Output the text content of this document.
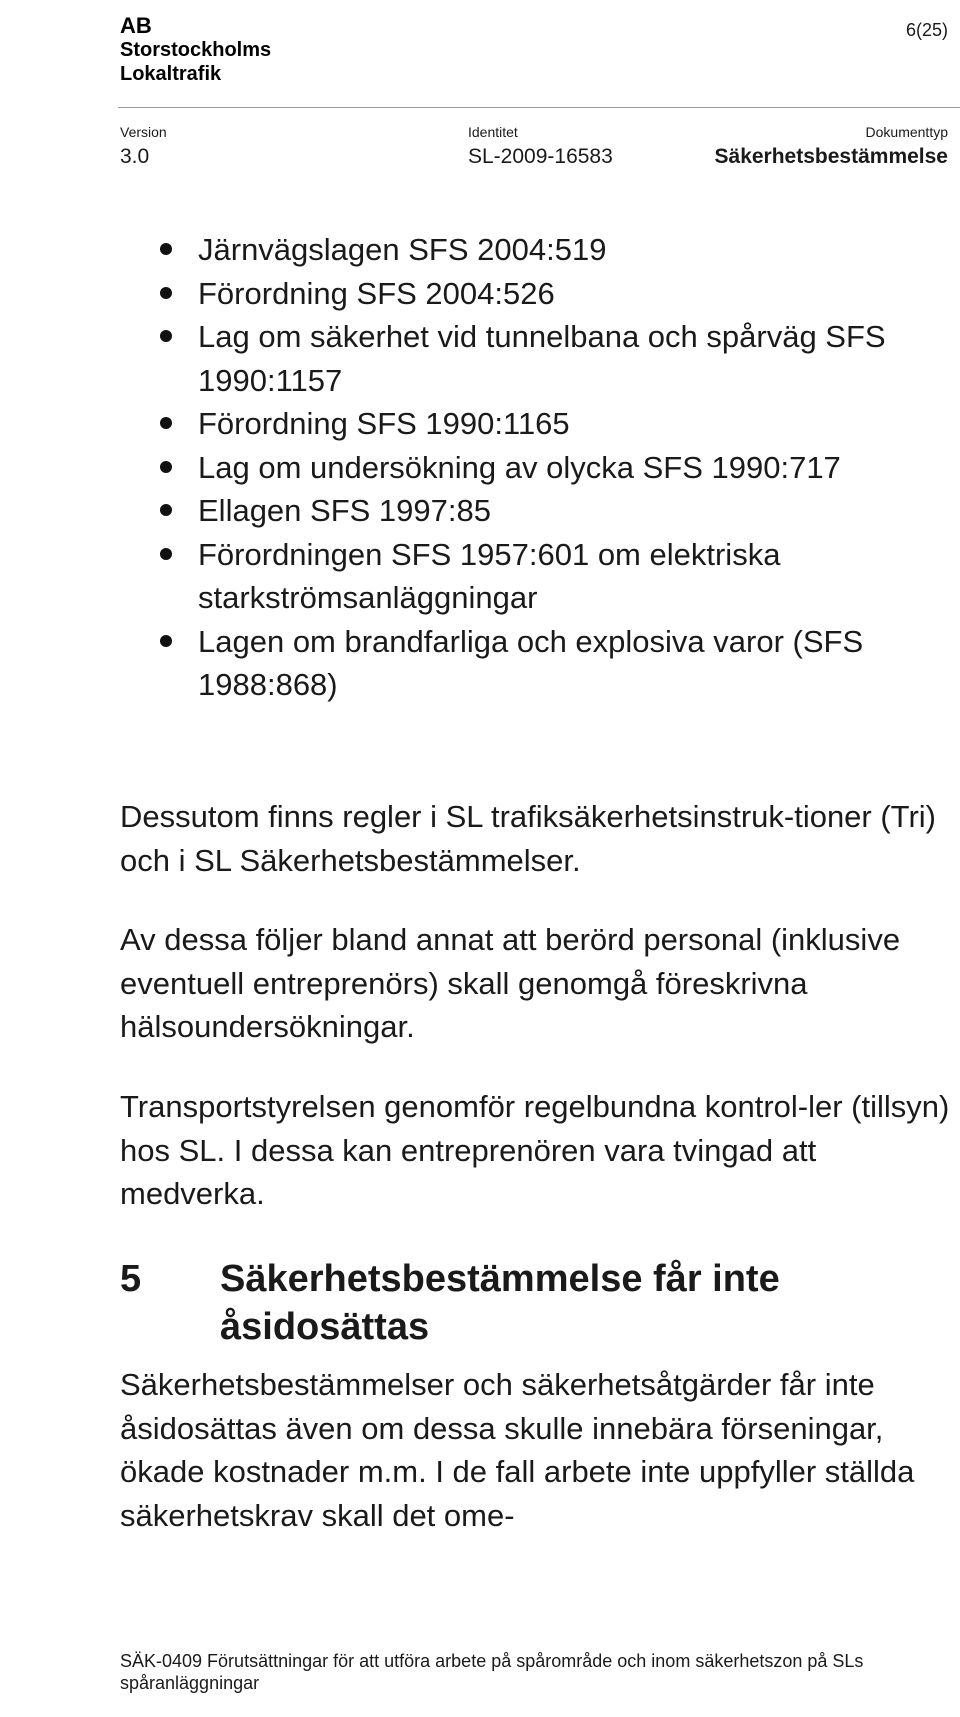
AB
Storstockholms
Lokaltrafik
6(25)
Version
3.0
Identitet
SL-2009-16583
Dokumenttyp
Säkerhetsbestämmelse
Järnvägslagen SFS 2004:519
Förordning SFS 2004:526
Lag om säkerhet vid tunnelbana och spårväg SFS 1990:1157
Förordning SFS 1990:1165
Lag om undersökning av olycka SFS 1990:717
Ellagen SFS 1997:85
Förordningen SFS 1957:601 om elektriska starkströmsanläggningar
Lagen om brandfarliga och explosiva varor (SFS 1988:868)
Dessutom finns regler i SL trafiksäkerhetsinstruk-tioner (Tri) och i SL Säkerhetsbestämmelser.
Av dessa följer bland annat att berörd personal (inklusive eventuell entreprenörs) skall genomgå föreskrivna hälsoundersökningar.
Transportstyrelsen genomför regelbundna kontrol-ler (tillsyn) hos SL. I dessa kan entreprenören vara tvingad att medverka.
5 Säkerhetsbestämmelse får inte åsidosättas
Säkerhetsbestämmelser och säkerhetsåtgärder får inte åsidosättas även om dessa skulle innebära förseningar, ökade kostnader m.m. I de fall arbete inte uppfyller ställda säkerhetskrav skall det ome-
SÄK-0409 Förutsättningar för att utföra arbete på spårområde och inom säkerhetszon på SLs spåranläggningar
